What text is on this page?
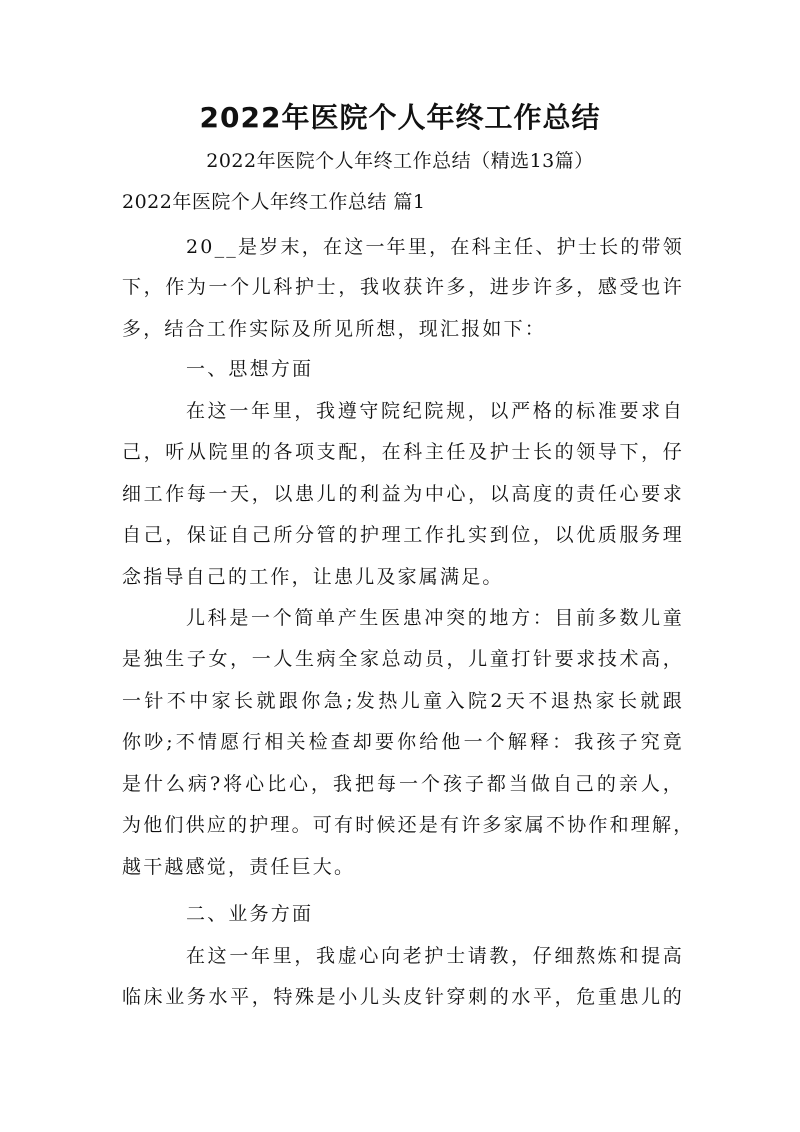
2022年医院个人年终工作总结
2022年医院个人年终工作总结（精选13篇）
2022年医院个人年终工作总结 篇1
20__是岁末，在这一年里，在科主任、护士长的带领
下，作为一个儿科护士，我收获许多，进步许多，感受也许
多，结合工作实际及所见所想，现汇报如下：
一、思想方面
在这一年里，我遵守院纪院规，以严格的标准要求自
己，听从院里的各项支配，在科主任及护士长的领导下，仔
细工作每一天，以患儿的利益为中心，以高度的责任心要求
自己，保证自己所分管的护理工作扎实到位，以优质服务理
念指导自己的工作，让患儿及家属满足。
儿科是一个简单产生医患冲突的地方：目前多数儿童
是独生子女，一人生病全家总动员，儿童打针要求技术高，
一针不中家长就跟你急;发热儿童入院2天不退热家长就跟
你吵;不情愿行相关检查却要你给他一个解释：我孩子究竟
是什么病?将心比心，我把每一个孩子都当做自己的亲人，
为他们供应的护理。可有时候还是有许多家属不协作和理解，
越干越感觉，责任巨大。
二、业务方面
在这一年里，我虚心向老护士请教，仔细熬炼和提高
临床业务水平，特殊是小儿头皮针穿刺的水平，危重患儿的
